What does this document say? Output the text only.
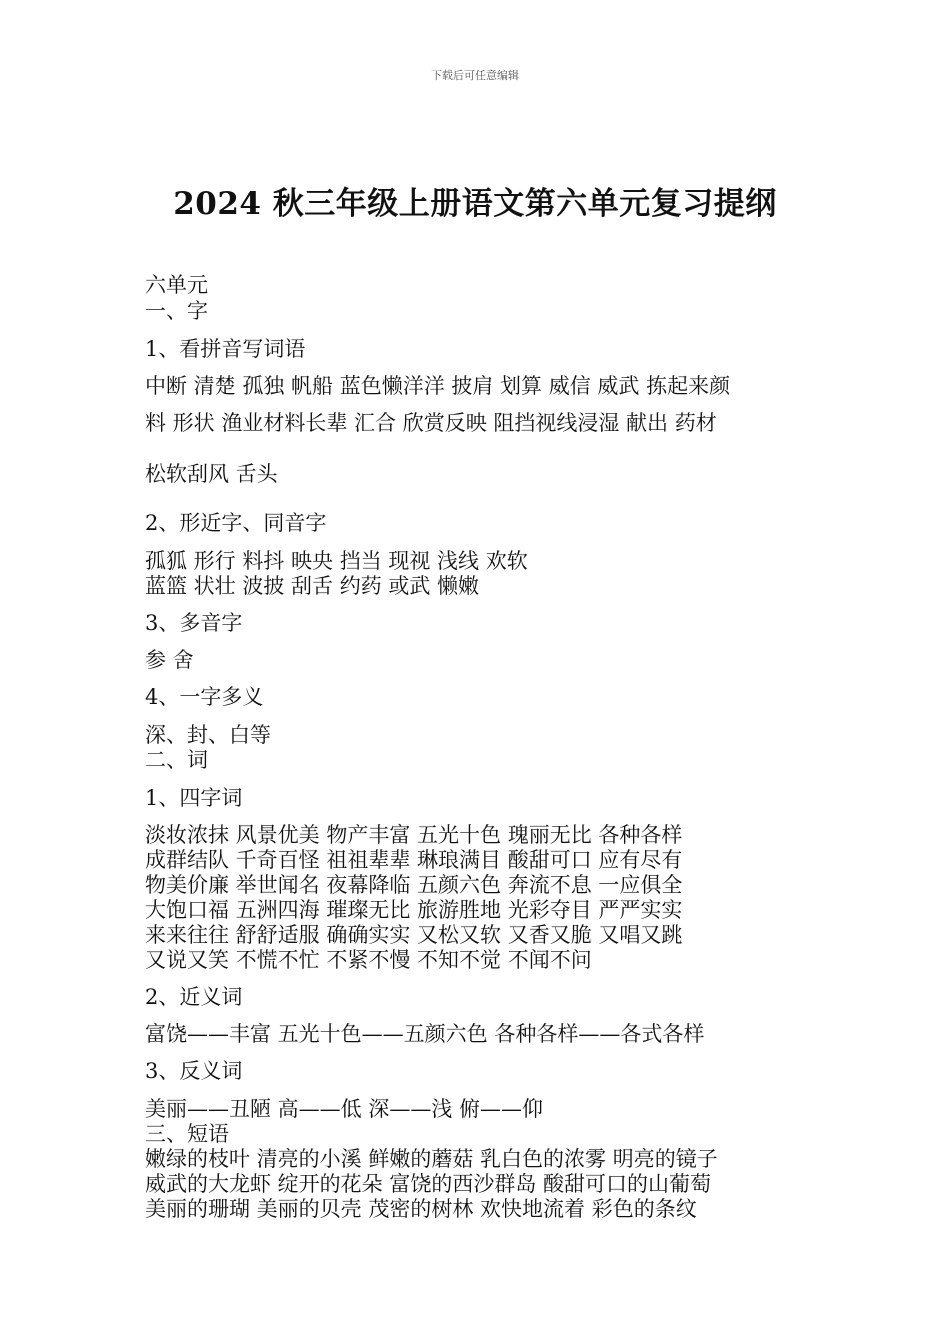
下载后可任意编辑
2024 秋三年级上册语文第六单元复习提纲
六单元
一、字
1、看拼音写词语
中断 清楚 孤独 帆船 蓝色懒洋洋 披肩 划算 威信 威武 拣起来颜
料 形状 渔业材料长辈 汇合 欣赏反映 阻挡视线浸湿 献出 药材
松软刮风 舌头
2、形近字、同音字
孤狐 形行 料抖 映央 挡当 现视 浅线 欢软
蓝篮 状壮 波披 刮舌 约药 或武 懒嫩
3、多音字
参 舍
4、一字多义
深、封、白等
二、词
1、四字词
淡妆浓抹 风景优美 物产丰富 五光十色 瑰丽无比 各种各样
成群结队 千奇百怪 祖祖辈辈 琳琅满目 酸甜可口 应有尽有
物美价廉 举世闻名 夜幕降临 五颜六色 奔流不息 一应俱全
大饱口福 五洲四海 璀璨无比 旅游胜地 光彩夺目 严严实实
来来往往 舒舒适服 确确实实 又松又软 又香又脆 又唱又跳
又说又笑 不慌不忙 不紧不慢 不知不觉 不闻不问
2、近义词
富饶——丰富 五光十色——五颜六色 各种各样——各式各样
3、反义词
美丽——丑陋 高——低 深——浅 俯——仰
三、短语
嫩绿的枝叶 清亮的小溪 鲜嫩的蘑菇 乳白色的浓雾 明亮的镜子
威武的大龙虾 绽开的花朵 富饶的西沙群岛 酸甜可口的山葡萄
美丽的珊瑚 美丽的贝壳 茂密的树林 欢快地流着 彩色的条纹
